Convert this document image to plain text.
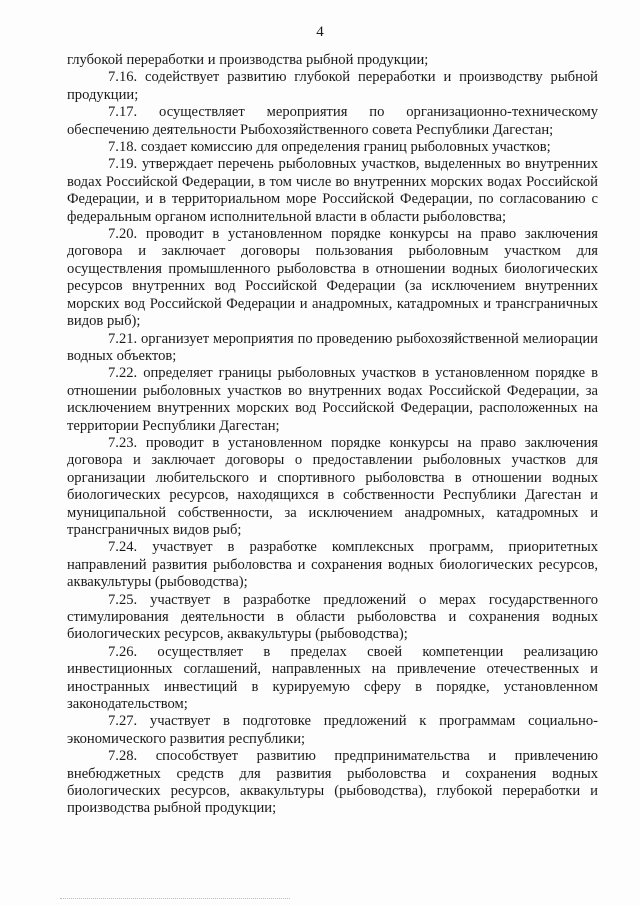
4

глубокой переработки и производства рыбной продукции;

7.16. содействует развитию глубокой переработки и производству рыбной продукции;

7.17. осуществляет мероприятия по организационно-техническому обеспечению деятельности Рыбохозяйственного совета Республики Дагестан;

7.18. создает комиссию для определения границ рыболовных участков;

7.19. утверждает перечень рыболовных участков, выделенных во внутренних водах Российской Федерации, в том числе во внутренних морских водах Российской Федерации, и в территориальном море Российской Федерации, по согласованию с федеральным органом исполнительной власти в области рыболовства;

7.20. проводит в установленном порядке конкурсы на право заключения договора и заключает договоры пользования рыболовным участком для осуществления промышленного рыболовства в отношении водных биологических ресурсов внутренних вод Российской Федерации (за исключением внутренних морских вод Российской Федерации и анадромных, катадромных и трансграничных видов рыб);

7.21. организует мероприятия по проведению рыбохозяйственной мелиорации водных объектов;

7.22. определяет границы рыболовных участков в установленном порядке в отношении рыболовных участков во внутренних водах Российской Федерации, за исключением внутренних морских вод Российской Федерации, расположенных на территории Республики Дагестан;

7.23. проводит в установленном порядке конкурсы на право заключения договора и заключает договоры о предоставлении рыболовных участков для организации любительского и спортивного рыболовства в отношении водных биологических ресурсов, находящихся в собственности Республики Дагестан и муниципальной собственности, за исключением анадромных, катадромных и трансграничных видов рыб;

7.24. участвует в разработке комплексных программ, приоритетных направлений развития рыболовства и сохранения водных биологических ресурсов, аквакультуры (рыбоводства);

7.25. участвует в разработке предложений о мерах государственного стимулирования деятельности в области рыболовства и сохранения водных биологических ресурсов, аквакультуры (рыбоводства);

7.26. осуществляет в пределах своей компетенции реализацию инвестиционных соглашений, направленных на привлечение отечественных и иностранных инвестиций в курируемую сферу в порядке, установленном законодательством;

7.27. участвует в подготовке предложений к программам социально-экономического развития республики;

7.28. способствует развитию предпринимательства и привлечению внебюджетных средств для развития рыболовства и сохранения водных биологических ресурсов, аквакультуры (рыбоводства), глубокой переработки и производства рыбной продукции;
